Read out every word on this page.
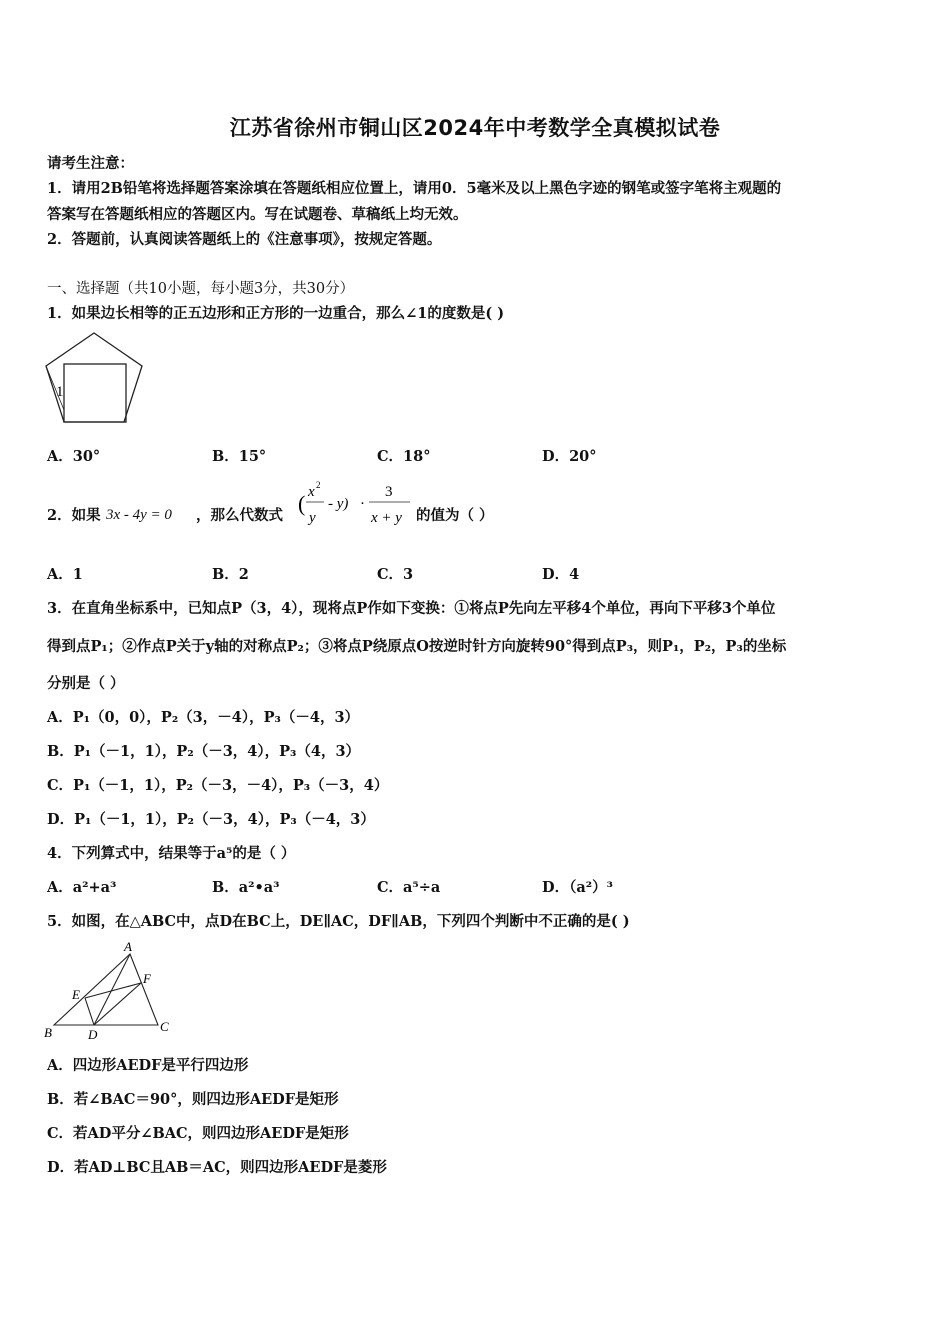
江苏省徐州市铜山区2024年中考数学全真模拟试卷
请考生注意：
1．请用2B铅笔将选择题答案涂填在答题纸相应位置上，请用0．5毫米及以上黑色字迹的钢笔或签字笔将主观题的
答案写在答题纸相应的答题区内。写在试题卷、草稿纸上均无效。
2．答题前，认真阅读答题纸上的《注意事项》，按规定答题。
一、选择题（共10小题，每小题3分，共30分）
1．如果边长相等的正五边形和正方形的一边重合，那么∠1的度数是( )
1
A．30°	B．15°	C．18°	D．20°
2．如果 3x - 4y = 0 ，那么代数式 ( x 2
y
- y) ·
3
x + y 的值为（ ）
A．1	B．2	C．3	D．4
3．在直角坐标系中，已知点P（3，4），现将点P作如下变换：①将点P先向左平移4个单位，再向下平移3个单位
得到点P₁；②作点P关于y轴的对称点P₂；③将点P绕原点O按逆时针方向旋转90°得到点P₃，则P₁，P₂，P₃的坐标
分别是（ ）
A．P₁（0，0），P₂（3，－4），P₃（－4，3）
B．P₁（－1，1），P₂（－3，4），P₃（4，3）
C．P₁（－1，1），P₂（－3，－4），P₃（－3，4）
D．P₁（－1，1），P₂（－3，4），P₃（－4，3）
4．下列算式中，结果等于a⁵的是（ ）
A．a²+a³	B．a²•a³	C．a⁵÷a	D．（a²）³
5．如图，在△ABC中，点D在BC上，DE∥AC，DF∥AB，下列四个判断中不正确的是( )
A
B	C
D
E
F
A．四边形AEDF是平行四边形
B．若∠BAC＝90°，则四边形AEDF是矩形
C．若AD平分∠BAC，则四边形AEDF是矩形
D．若AD⊥BC且AB＝AC，则四边形AEDF是菱形
